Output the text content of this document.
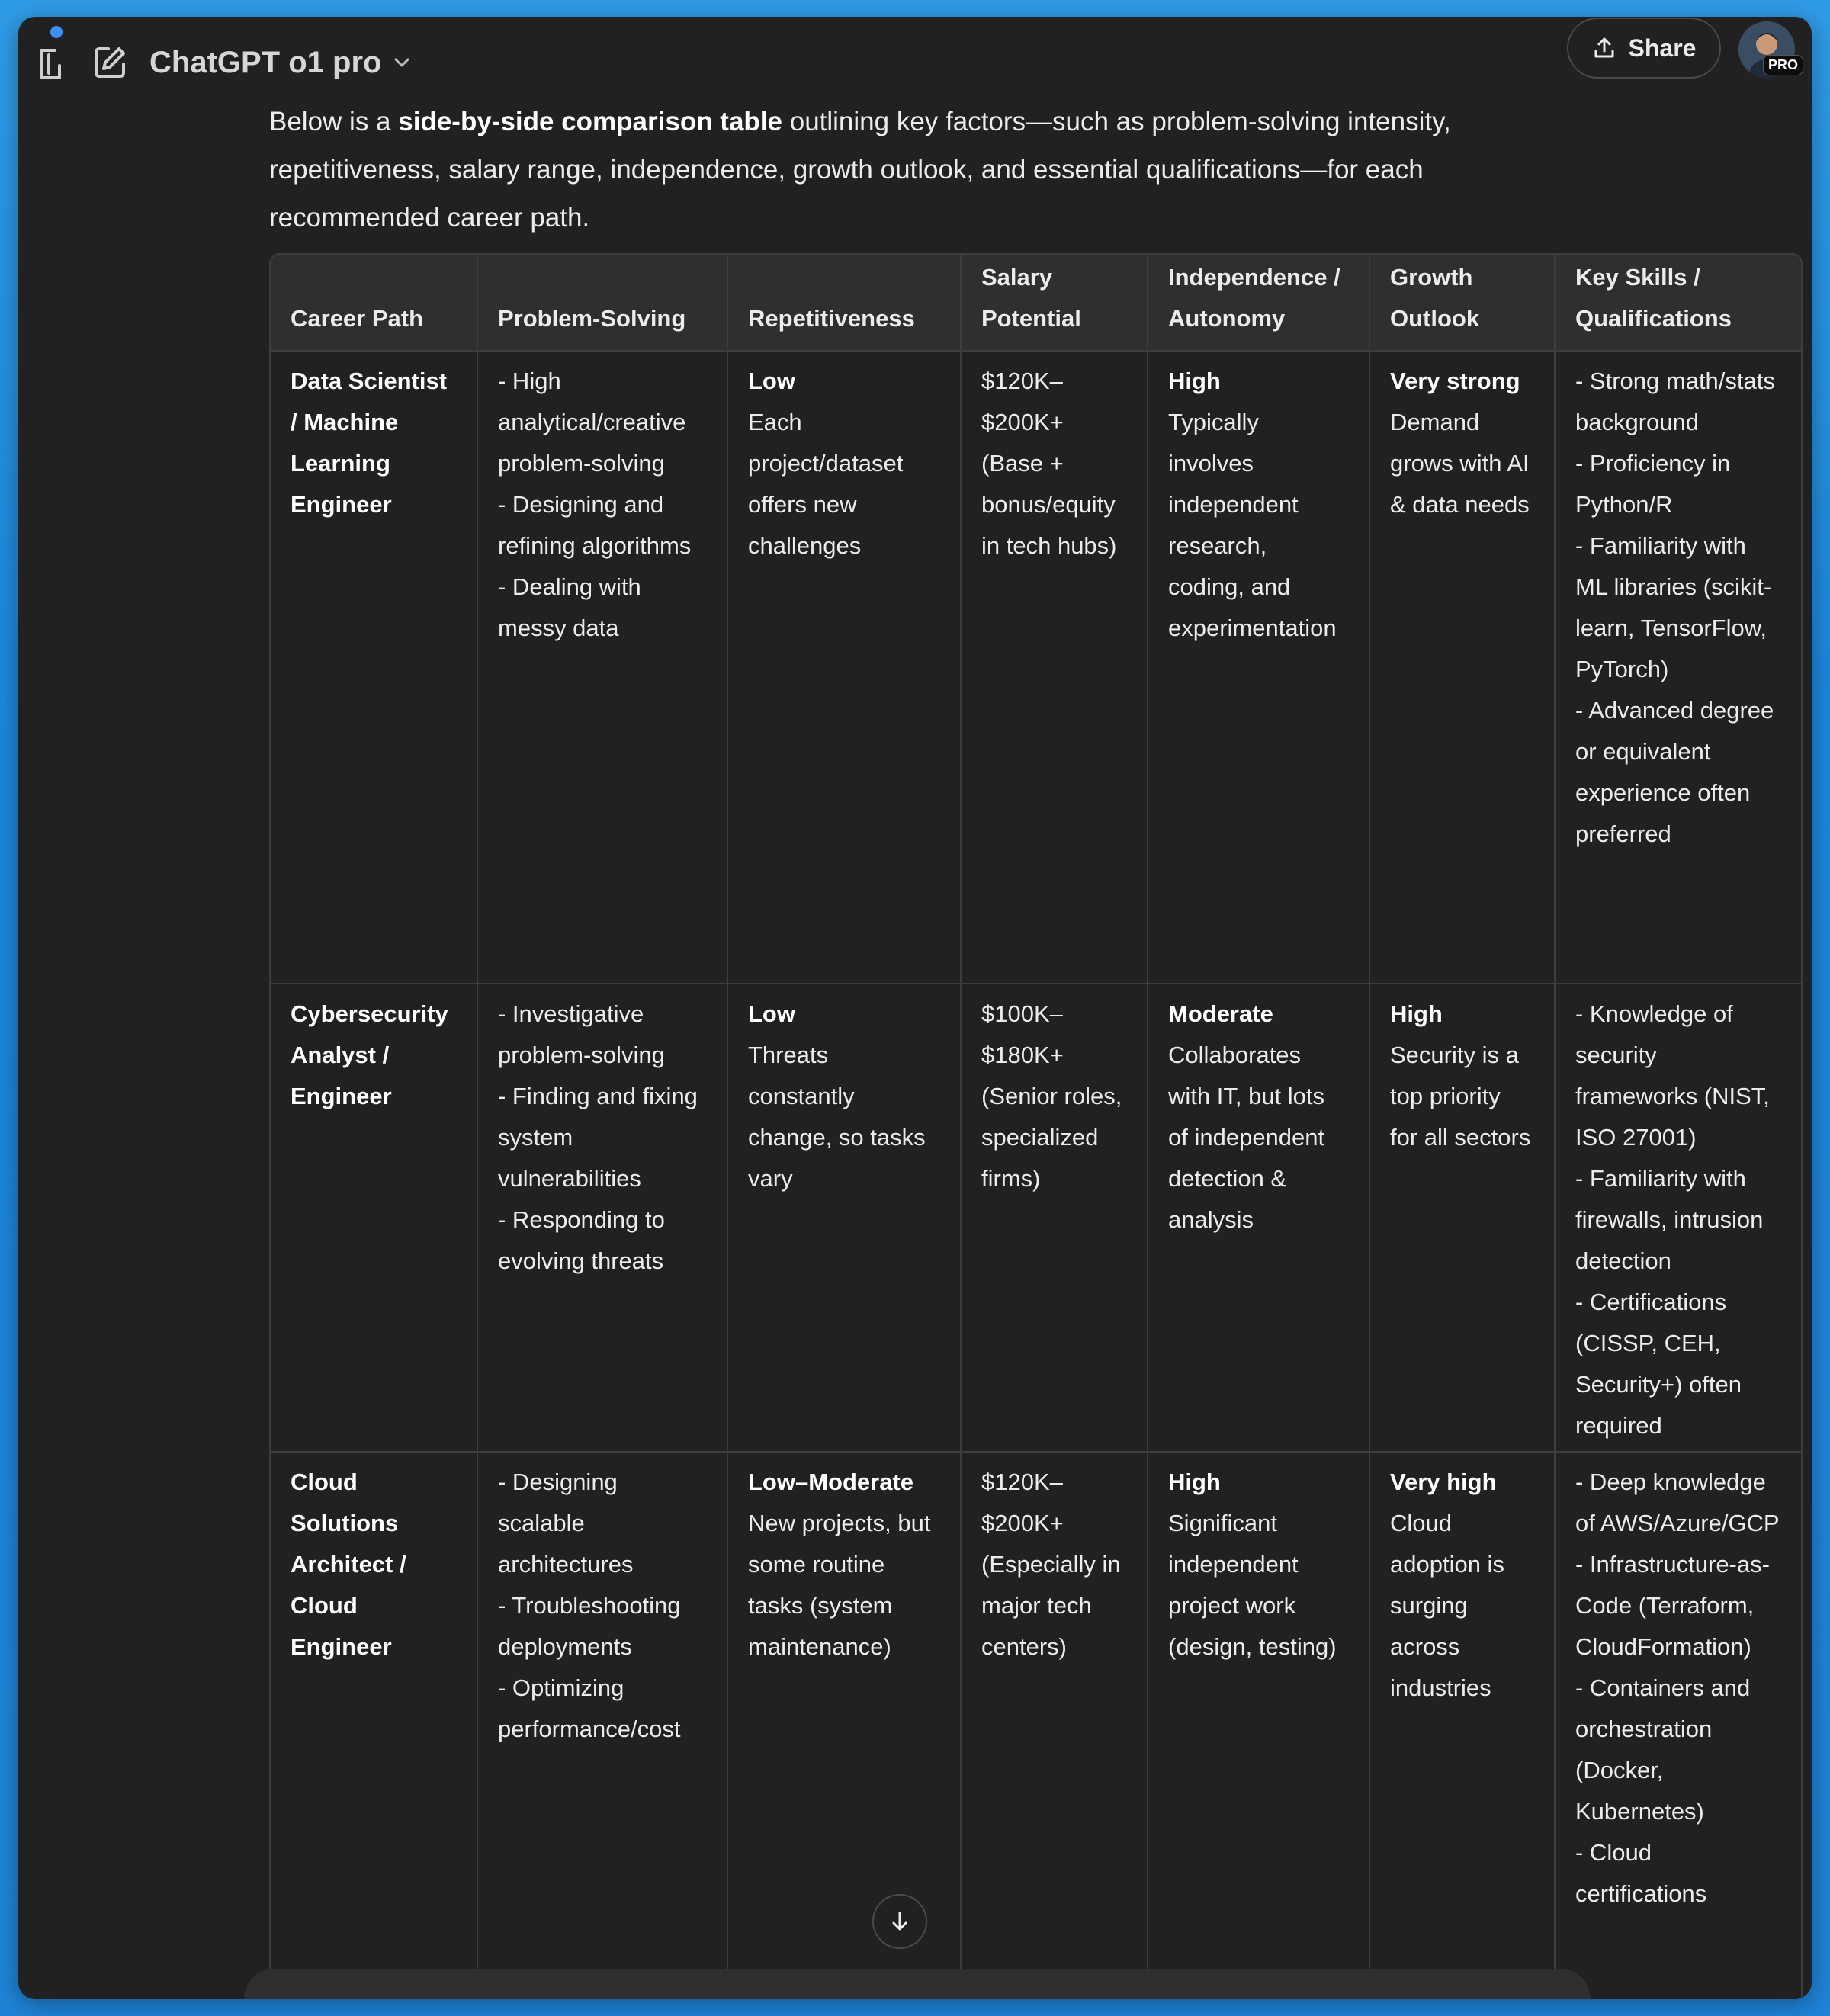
ChatGPT o1 pro	Share
PRO
Below is a side-by-side comparison table outlining key factors—such as problem-solving intensity, repetitiveness, salary range, independence, growth outlook, and essential qualifications—for each recommended career path.
Career Path	Problem-Solving	Repetitiveness	Salary
Potential	Independence /
Autonomy	Growth
Outlook	Key Skills /
Qualifications

Data Scientist / Machine Learning Engineer	- High analytical/creative problem-solving
- Designing and refining algorithms
- Dealing with messy data	Low
Each project/dataset offers new challenges	$120K–$200K+ (Base + bonus/equity in tech hubs)	High
Typically involves independent research, coding, and experimentation	Very strong
Demand grows with AI & data needs	- Strong math/stats background
- Proficiency in Python/R
- Familiarity with ML libraries (scikit-learn, TensorFlow, PyTorch)
- Advanced degree or equivalent experience often preferred

Cybersecurity Analyst / Engineer	- Investigative problem-solving
- Finding and fixing system vulnerabilities
- Responding to evolving threats	Low
Threats constantly change, so tasks vary	$100K–$180K+ (Senior roles, specialized firms)	Moderate
Collaborates with IT, but lots of independent detection & analysis	High
Security is a top priority for all sectors	- Knowledge of security frameworks (NIST, ISO 27001)
- Familiarity with firewalls, intrusion detection
- Certifications (CISSP, CEH, Security+) often required

Cloud Solutions Architect / Cloud Engineer	- Designing scalable architectures
- Troubleshooting deployments
- Optimizing performance/cost	Low–Moderate
New projects, but some routine tasks (system maintenance)	$120K–$200K+ (Especially in major tech centers)	High
Significant independent project work (design, testing)	Very high
Cloud adoption is surging across industries	- Deep knowledge of AWS/Azure/GCP
- Infrastructure-as-Code (Terraform, CloudFormation)
- Containers and orchestration (Docker, Kubernetes)
- Cloud certifications
